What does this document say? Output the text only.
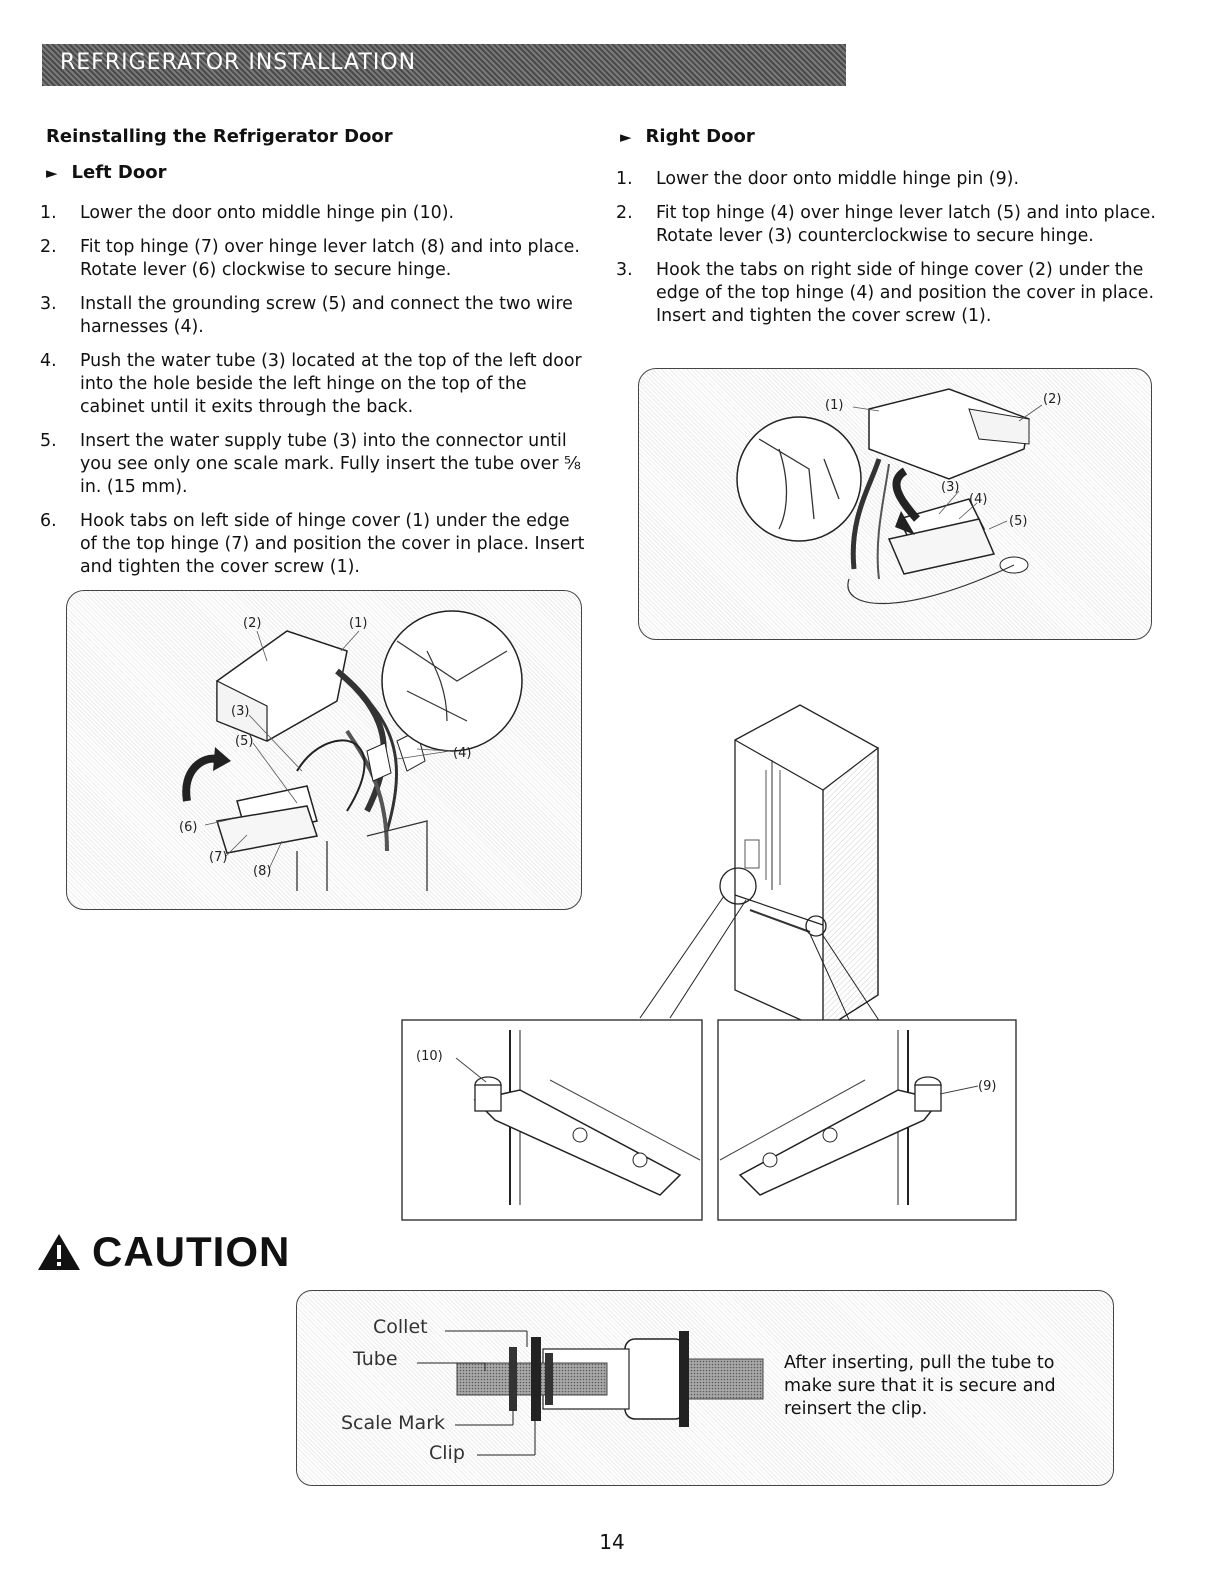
REFRIGERATOR INSTALLATION
Reinstalling the Refrigerator Door
► Left Door
1. Lower the door onto middle hinge pin (10).
2. Fit top hinge (7) over hinge lever latch (8) and into place. Rotate lever (6) clockwise to secure hinge.
3. Install the grounding screw (5) and connect the two wire harnesses (4).
4. Push the water tube (3) located at the top of the left door into the hole beside the left hinge on the top of the cabinet until it exits through the back.
5. Insert the water supply tube (3) into the connector until you see only one scale mark. Fully insert the tube over ⅝ in. (15 mm).
6. Hook tabs on left side of hinge cover (1) under the edge of the top hinge (7) and position the cover in place. Insert and tighten the cover screw (1).
(1)
(2)
(3)
(4)
(5)
(6)
(7)
(8)
► Right Door
1. Lower the door onto middle hinge pin (9).
2. Fit top hinge (4) over hinge lever latch (5) and into place. Rotate lever (3) counterclockwise to secure hinge.
3. Hook the tabs on right side of hinge cover (2) under the edge of the top hinge (4) and position the cover in place. Insert and tighten the cover screw (1).
(1)	(2)
(3)
(4)
(5)
(10)
(9)
CAUTION
Collet
Tube
Scale Mark
Clip
After inserting, pull the tube to make sure that it is secure and reinsert the clip.
14
